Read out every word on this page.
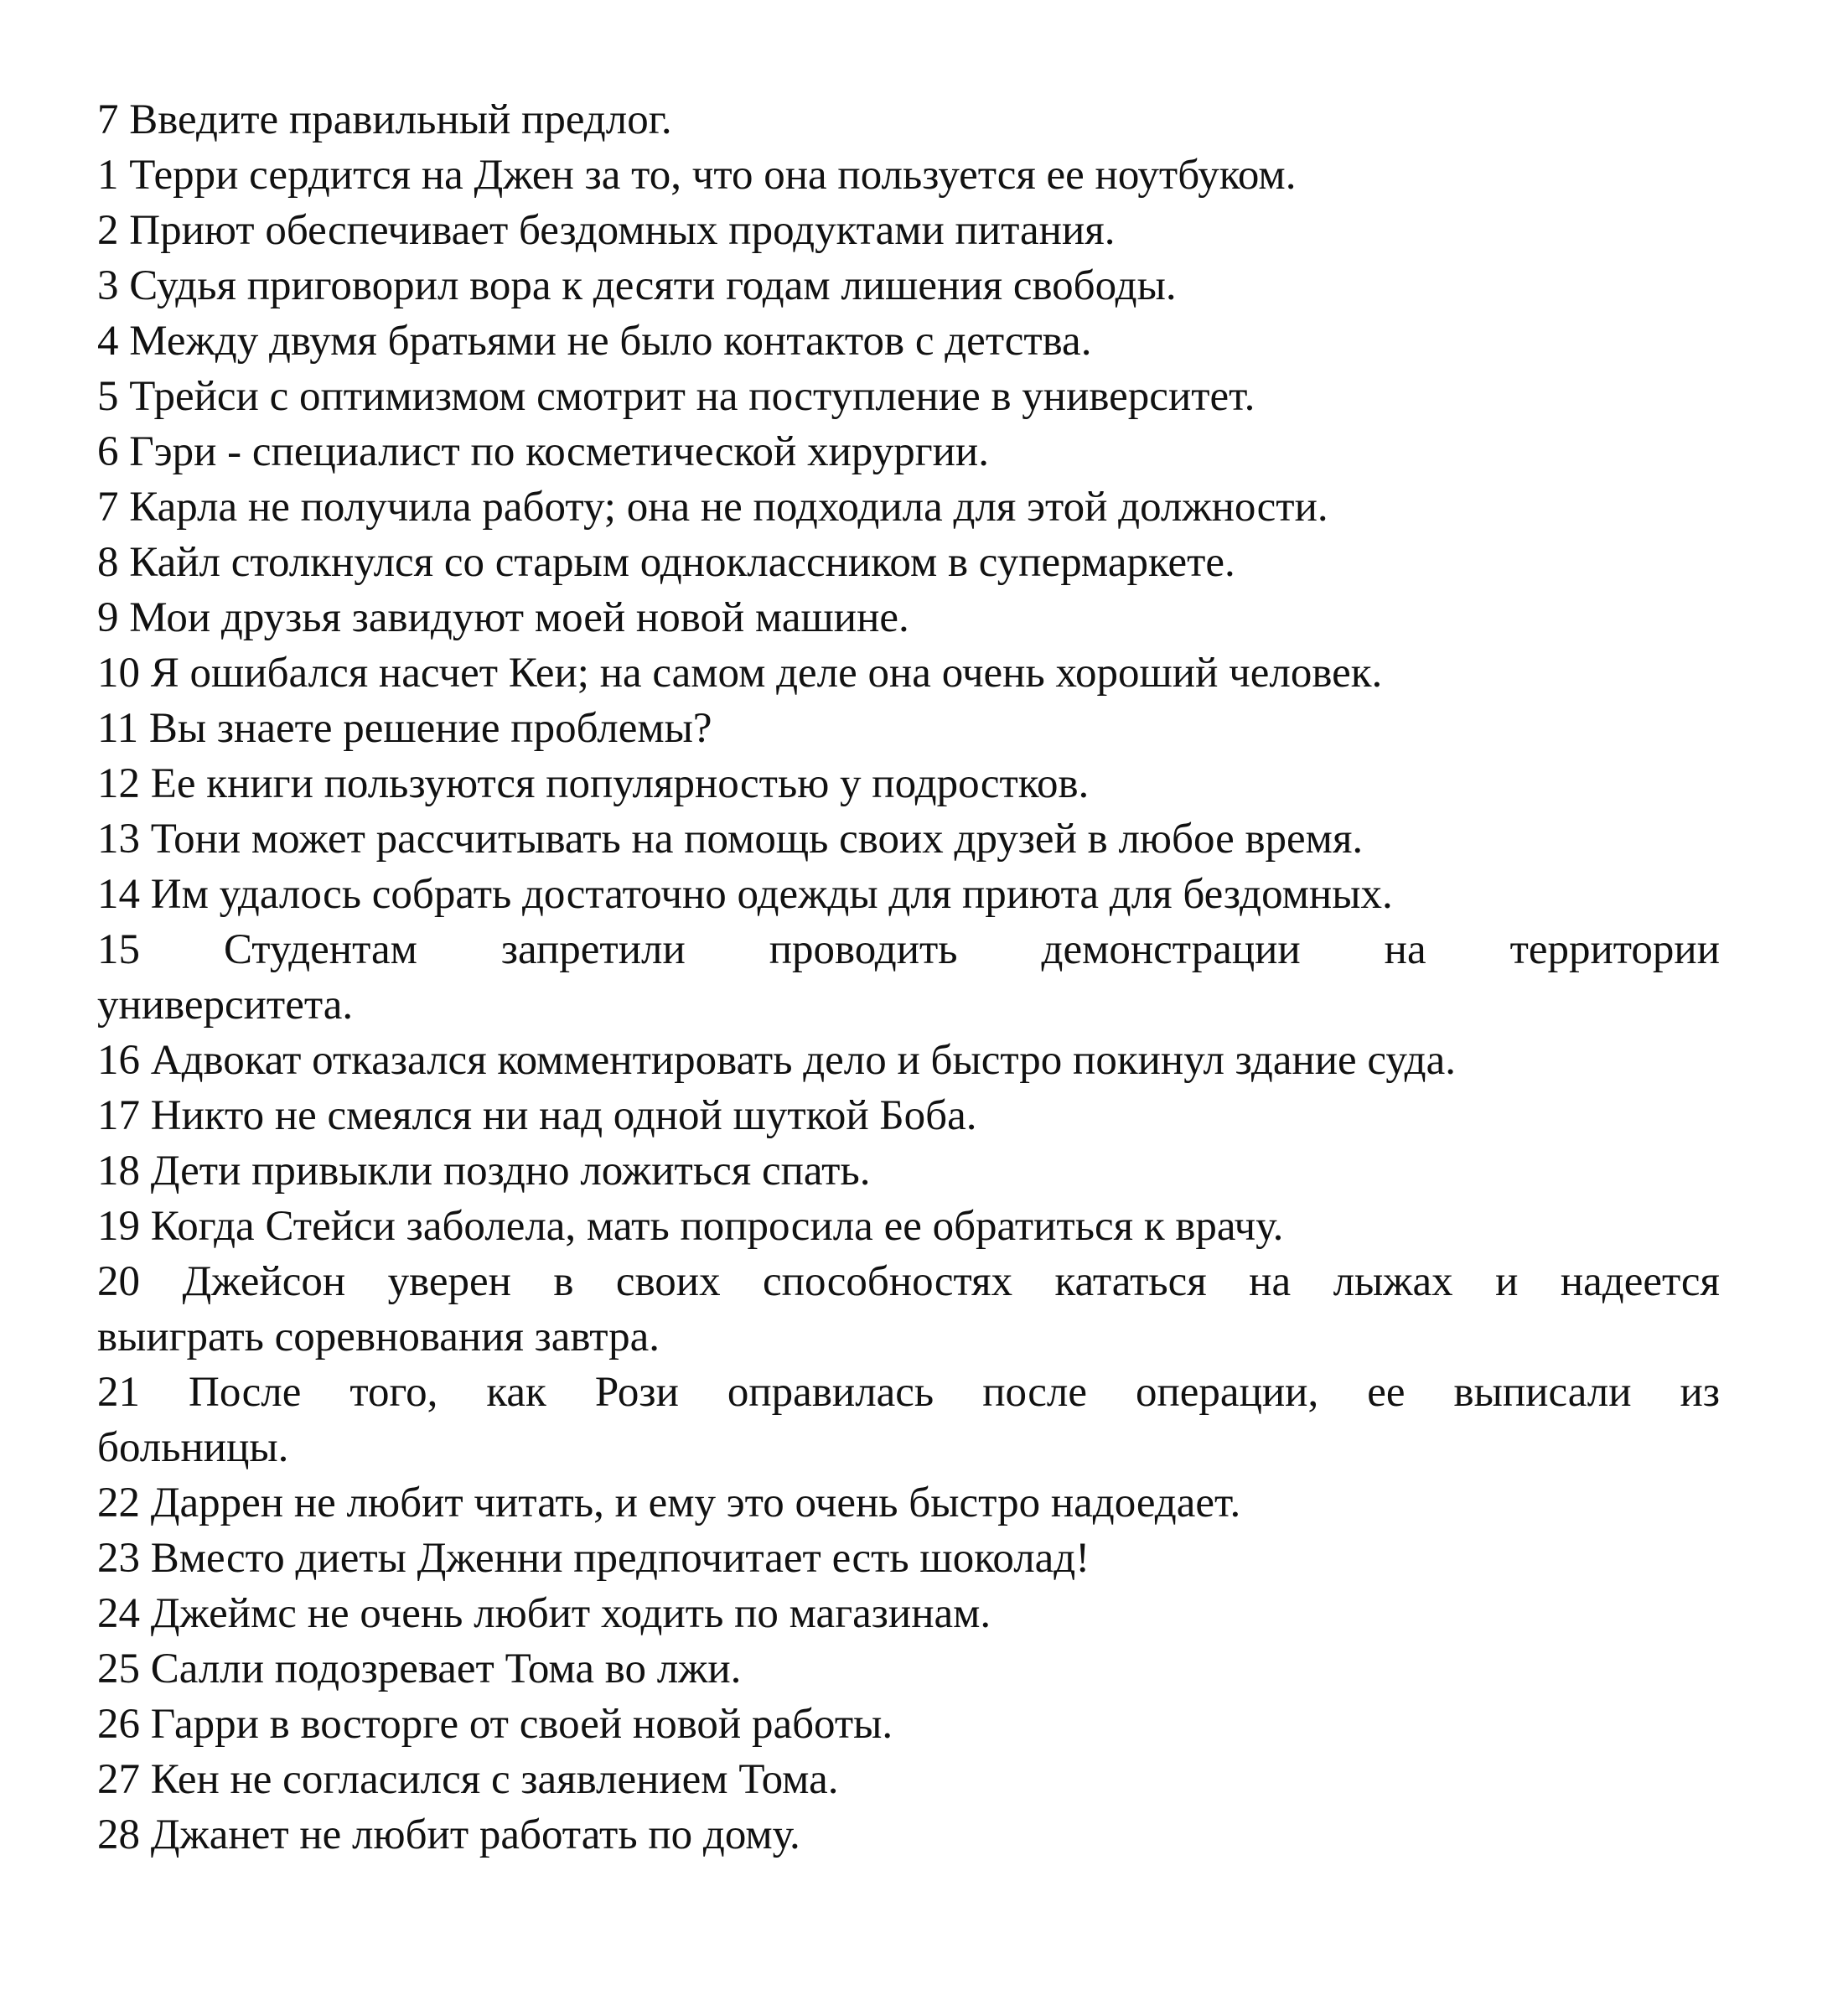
7 Введите правильный предлог.
1 Терри сердится на Джен за то, что она пользуется ее ноутбуком.
2 Приют обеспечивает бездомных продуктами питания.
3 Судья приговорил вора к десяти годам лишения свободы.
4 Между двумя братьями не было контактов с детства.
5 Трейси с оптимизмом смотрит на поступление в университет.
6 Гэри - специалист по косметической хирургии.
7 Карла не получила работу; она не подходила для этой должности.
8 Кайл столкнулся со старым одноклассником в супермаркете.
9 Мои друзья завидуют моей новой машине.
10 Я ошибался насчет Кеи; на самом деле она очень хороший человек.
11 Вы знаете решение проблемы?
12 Ее книги пользуются популярностью у подростков.
13 Тони может рассчитывать на помощь своих друзей в любое время.
14 Им удалось собрать достаточно одежды для приюта для бездомных.
15 Студентам запретили проводить демонстрации на территории
университета.
16 Адвокат отказался комментировать дело и быстро покинул здание суда.
17 Никто не смеялся ни над одной шуткой Боба.
18 Дети привыкли поздно ложиться спать.
19 Когда Стейси заболела, мать попросила ее обратиться к врачу.
20 Джейсон уверен в своих способностях кататься на лыжах и надеется
выиграть соревнования завтра.
21 После того, как Рози оправилась после операции, ее выписали из
больницы.
22 Даррен не любит читать, и ему это очень быстро надоедает.
23 Вместо диеты Дженни предпочитает есть шоколад!
24 Джеймс не очень любит ходить по магазинам.
25 Салли подозревает Тома во лжи.
26 Гарри в восторге от своей новой работы.
27 Кен не согласился с заявлением Тома.
28 Джанет не любит работать по дому.
